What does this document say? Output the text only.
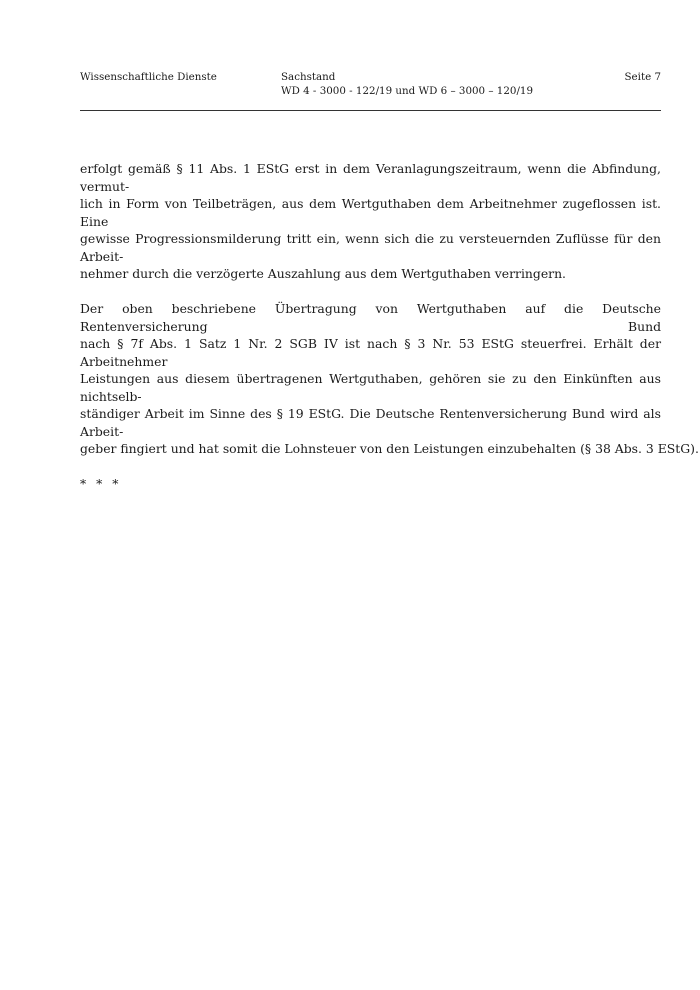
Wissenschaftliche Dienste	Sachstand
WD 4 - 3000 - 122/19 und WD 6 – 3000 – 120/19
Seite 7
erfolgt gemäß § 11 Abs. 1 EStG erst in dem Veranlagungszeitraum, wenn die Abfindung, vermut-
lich in Form von Teilbeträgen, aus dem Wertguthaben dem Arbeitnehmer zugeflossen ist. Eine
gewisse Progressionsmilderung tritt ein, wenn sich die zu versteuernden Zuflüsse für den Arbeit-
nehmer durch die verzögerte Auszahlung aus dem Wertguthaben verringern.
Der oben beschriebene Übertragung von Wertguthaben auf die Deutsche Rentenversicherung Bund
nach § 7f Abs. 1 Satz 1 Nr. 2 SGB IV ist nach § 3 Nr. 53 EStG steuerfrei. Erhält der Arbeitnehmer
Leistungen aus diesem übertragenen Wertguthaben, gehören sie zu den Einkünften aus nichtselb-
ständiger Arbeit im Sinne des § 19 EStG. Die Deutsche Rentenversicherung Bund wird als Arbeit-
geber fingiert und hat somit die Lohnsteuer von den Leistungen einzubehalten (§ 38 Abs. 3 EStG).
* * *
